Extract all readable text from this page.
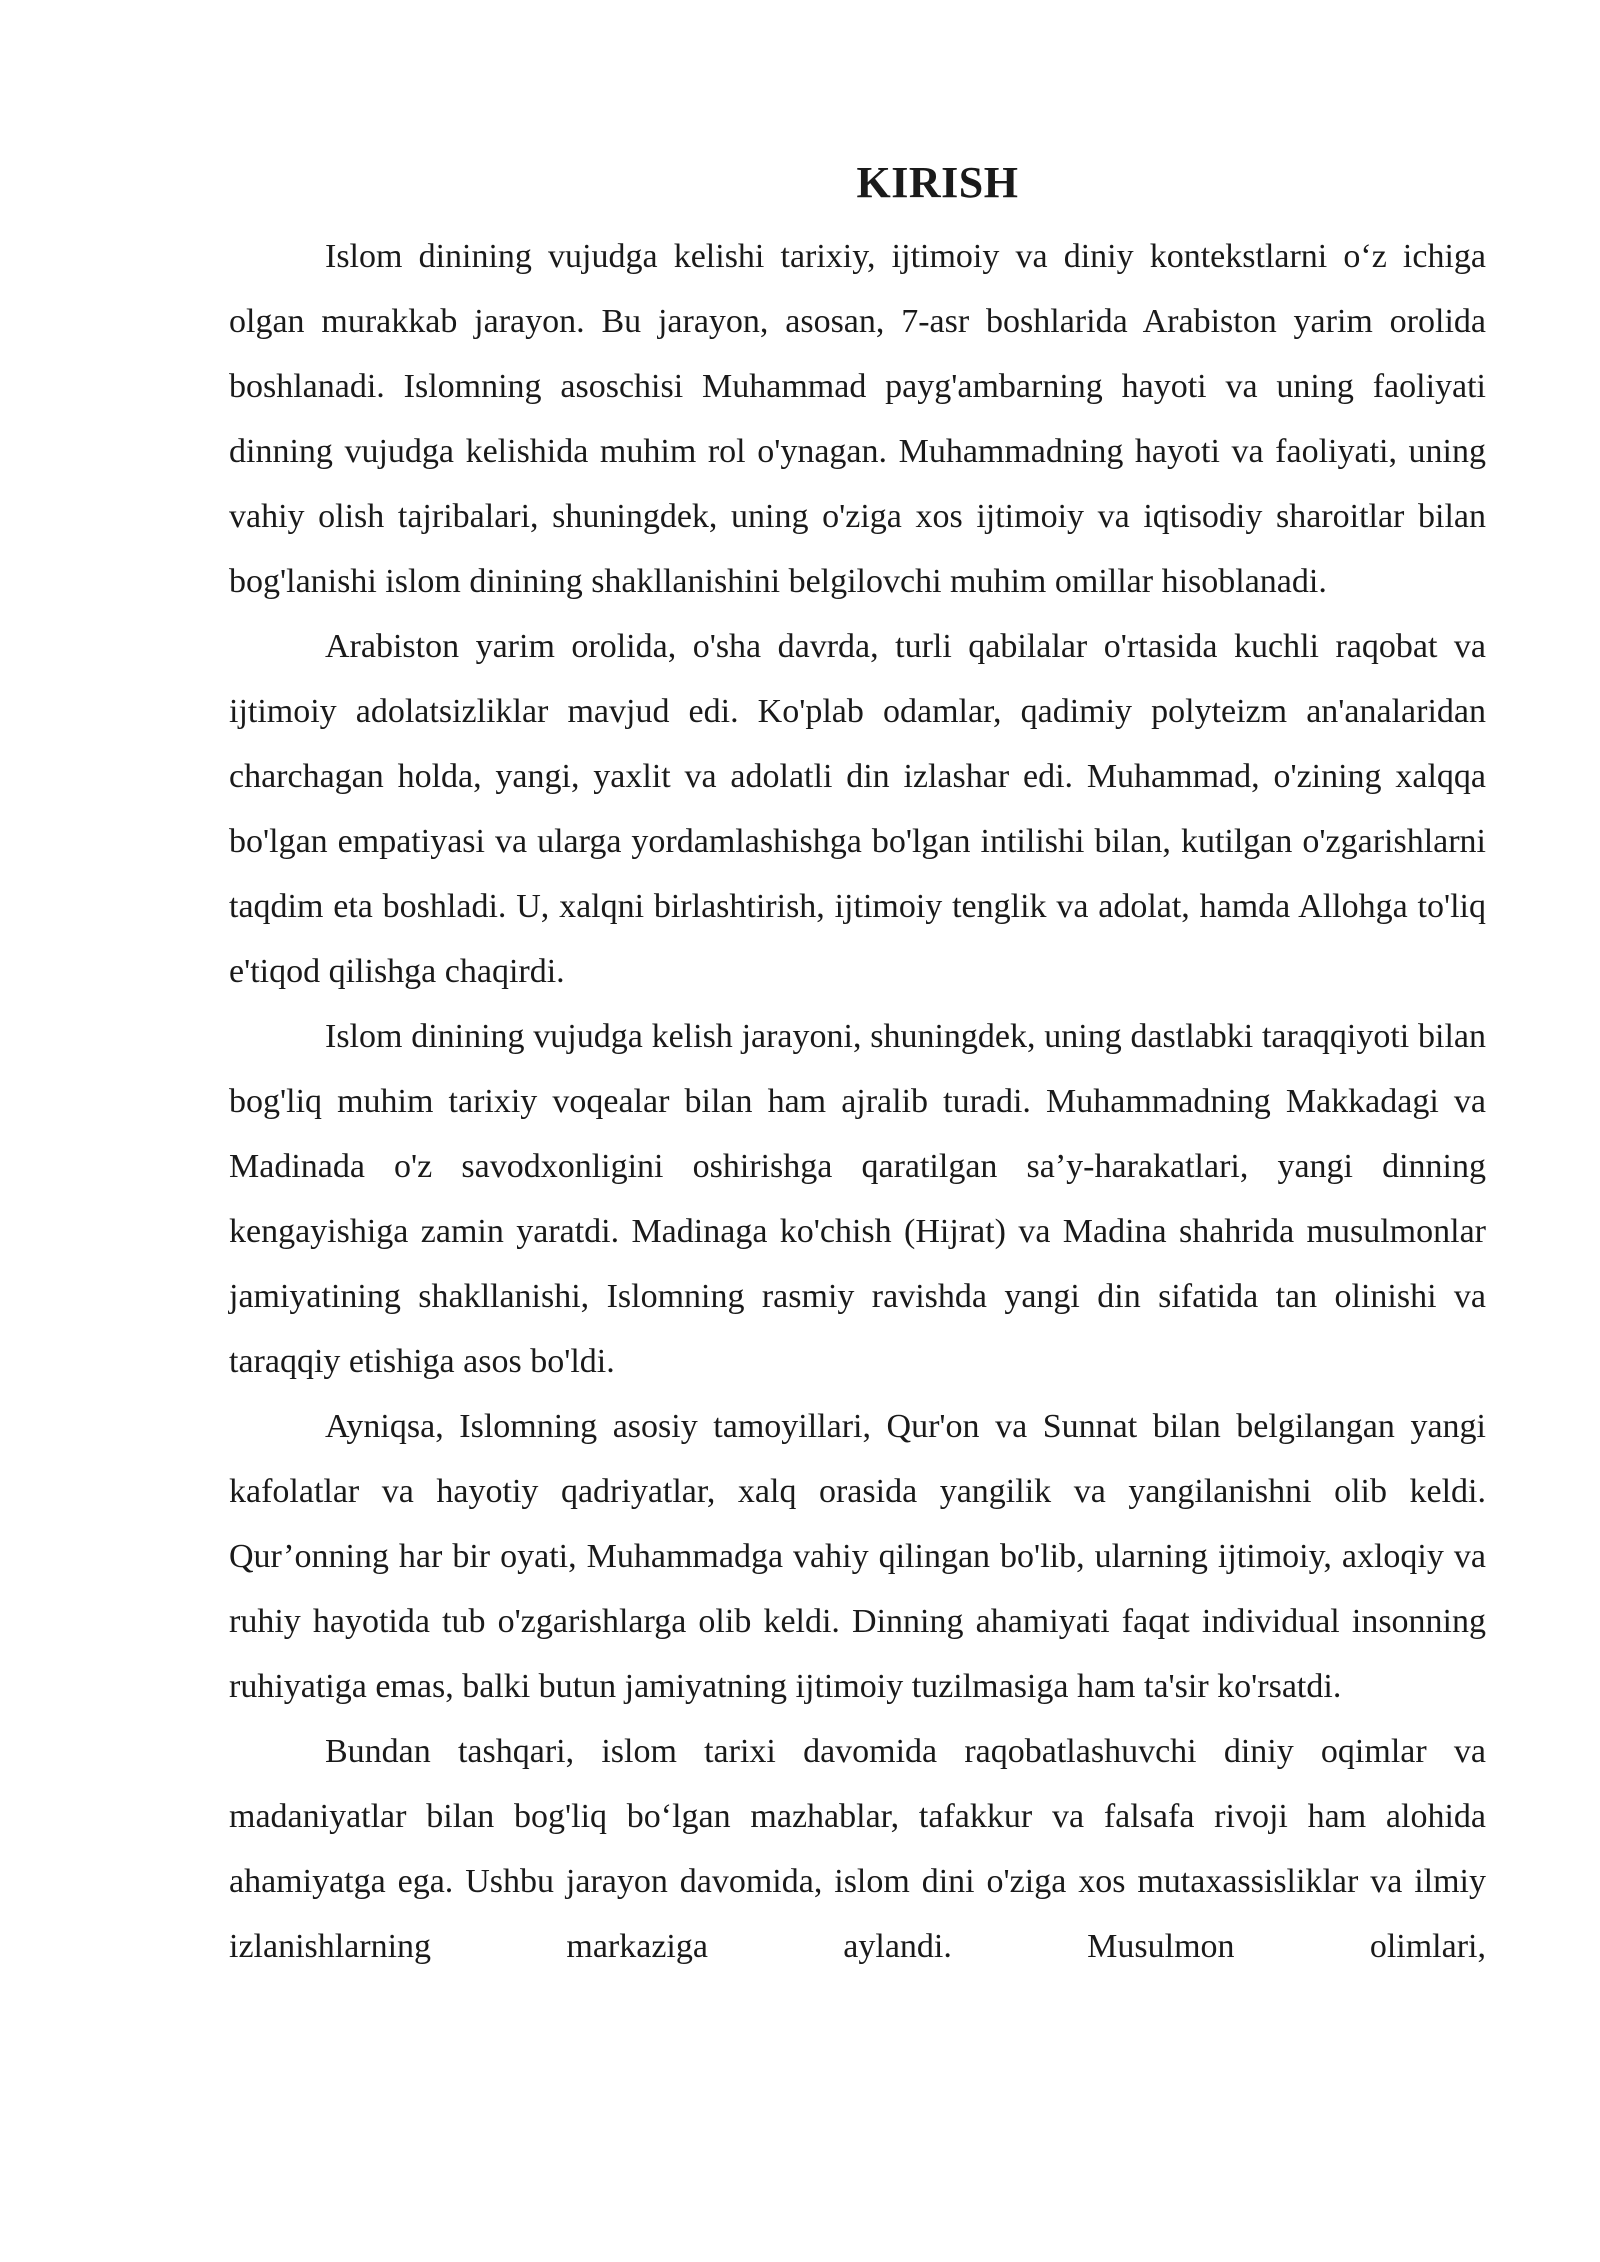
KIRISH

Islom dinining vujudga kelishi tarixiy, ijtimoiy va diniy kontekstlarni o‘z ichiga olgan murakkab jarayon. Bu jarayon, asosan, 7-asr boshlarida Arabiston yarim orolida boshlanadi. Islomning asoschisi Muhammad payg'ambarning hayoti va uning faoliyati dinning vujudga kelishida muhim rol o'ynagan. Muhammadning hayoti va faoliyati, uning vahiy olish tajribalari, shuningdek, uning o'ziga xos ijtimoiy va iqtisodiy sharoitlar bilan bog'lanishi islom dinining shakllanishini belgilovchi muhim omillar hisoblanadi.

Arabiston yarim orolida, o'sha davrda, turli qabilalar o'rtasida kuchli raqobat va ijtimoiy adolatsizliklar mavjud edi. Ko'plab odamlar, qadimiy polyteizm an'analaridan charchagan holda, yangi, yaxlit va adolatli din izlashar edi. Muhammad, o'zining xalqqa bo'lgan empatiyasi va ularga yordamlashishga bo'lgan intilishi bilan, kutilgan o'zgarishlarni taqdim eta boshladi. U, xalqni birlashtirish, ijtimoiy tenglik va adolat, hamda Allohga to'liq e'tiqod qilishga chaqirdi.

Islom dinining vujudga kelish jarayoni, shuningdek, uning dastlabki taraqqiyoti bilan bog'liq muhim tarixiy voqealar bilan ham ajralib turadi. Muhammadning Makkadagi va Madinada o'z savodxonligini oshirishga qaratilgan sa’y-harakatlari, yangi dinning kengayishiga zamin yaratdi. Madinaga ko'chish (Hijrat) va Madina shahrida musulmonlar jamiyatining shakllanishi, Islomning rasmiy ravishda yangi din sifatida tan olinishi va taraqqiy etishiga asos bo'ldi.

Ayniqsa, Islomning asosiy tamoyillari, Qur'on va Sunnat bilan belgilangan yangi kafolatlar va hayotiy qadriyatlar, xalq orasida yangilik va yangilanishni olib keldi. Qur’onning har bir oyati, Muhammadga vahiy qilingan bo'lib, ularning ijtimoiy, axloqiy va ruhiy hayotida tub o'zgarishlarga olib keldi. Dinning ahamiyati faqat individual insonning ruhiyatiga emas, balki butun jamiyatning ijtimoiy tuzilmasiga ham ta'sir ko'rsatdi.

Bundan tashqari, islom tarixi davomida raqobatlashuvchi diniy oqimlar va madaniyatlar bilan bog'liq bo‘lgan mazhablar, tafakkur va falsafa rivoji ham alohida ahamiyatga ega. Ushbu jarayon davomida, islom dini o'ziga xos mutaxassisliklar va ilmiy izlanishlarning markaziga aylandi. Musulmon olimlari,
